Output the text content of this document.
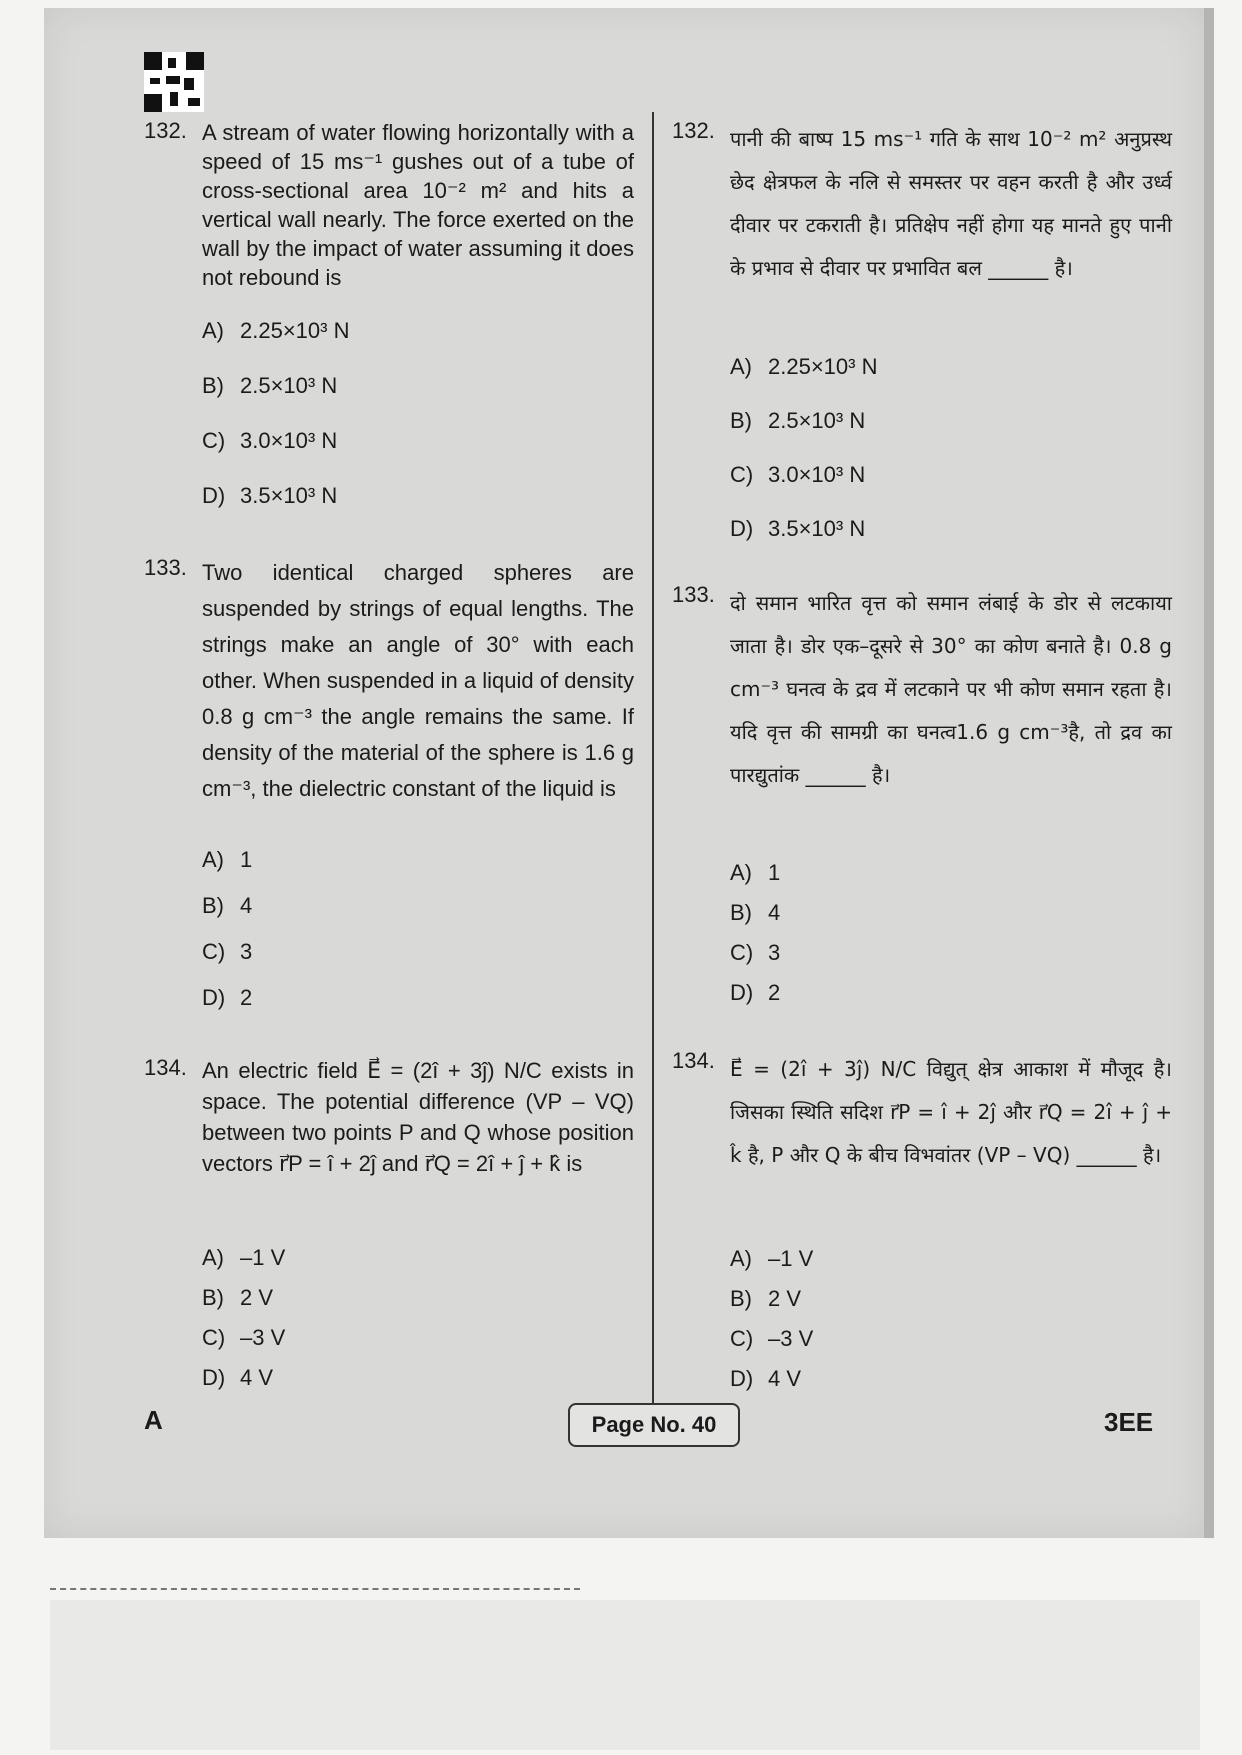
132. A stream of water flowing horizontally with a speed of 15 ms⁻¹ gushes out of a tube of cross-sectional area 10⁻² m² and hits a vertical wall nearly. The force exerted on the wall by the impact of water assuming it does not rebound is
A) 2.25×10³ N
B) 2.5×10³ N
C) 3.0×10³ N
D) 3.5×10³ N
133. Two identical charged spheres are suspended by strings of equal lengths. The strings make an angle of 30° with each other. When suspended in a liquid of density 0.8 g cm⁻³ the angle remains the same. If density of the material of the sphere is 1.6 g cm⁻³, the dielectric constant of the liquid is
A) 1
B) 4
C) 3
D) 2
134. An electric field E⃗ = (2î + 3ĵ) N/C exists in space. The potential difference (VP – VQ) between two points P and Q whose position vectors r⃗P = î + 2ĵ and r⃗Q = 2î + ĵ + k̂ is
A) –1 V
B) 2 V
C) –3 V
D) 4 V
132. पानी की बाष्प 15 ms⁻¹ गति के साथ 10⁻² m² अनुप्रस्थ छेद क्षेत्रफल के नलि से समस्तर पर वहन करती है और उर्ध्व दीवार पर टकराती है। प्रतिक्षेप नहीं होगा यह मानते हुए पानी के प्रभाव से दीवार पर प्रभावित बल ______ है।
A) 2.25×10³ N
B) 2.5×10³ N
C) 3.0×10³ N
D) 3.5×10³ N
133. दो समान भारित वृत्त को समान लंबाई के डोर से लटकाया जाता है। डोर एक–दूसरे से 30° का कोण बनाते है। 0.8 g cm⁻³ घनत्व के द्रव में लटकाने पर भी कोण समान रहता है। यदि वृत्त की सामग्री का घनत्व1.6 g cm⁻³है, तो द्रव का पारद्युतांक ______ है।
A) 1
B) 4
C) 3
D) 2
134. E⃗ = (2î + 3ĵ) N/C विद्युत् क्षेत्र आकाश में मौजूद है। जिसका स्थिति सदिश r⃗P = î + 2ĵ और r⃗Q = 2î + ĵ + k̂ है, P और Q के बीच विभवांतर (VP – VQ) ______ है।
A) –1 V
B) 2 V
C) –3 V
D) 4 V
A	Page No. 40	3EE
